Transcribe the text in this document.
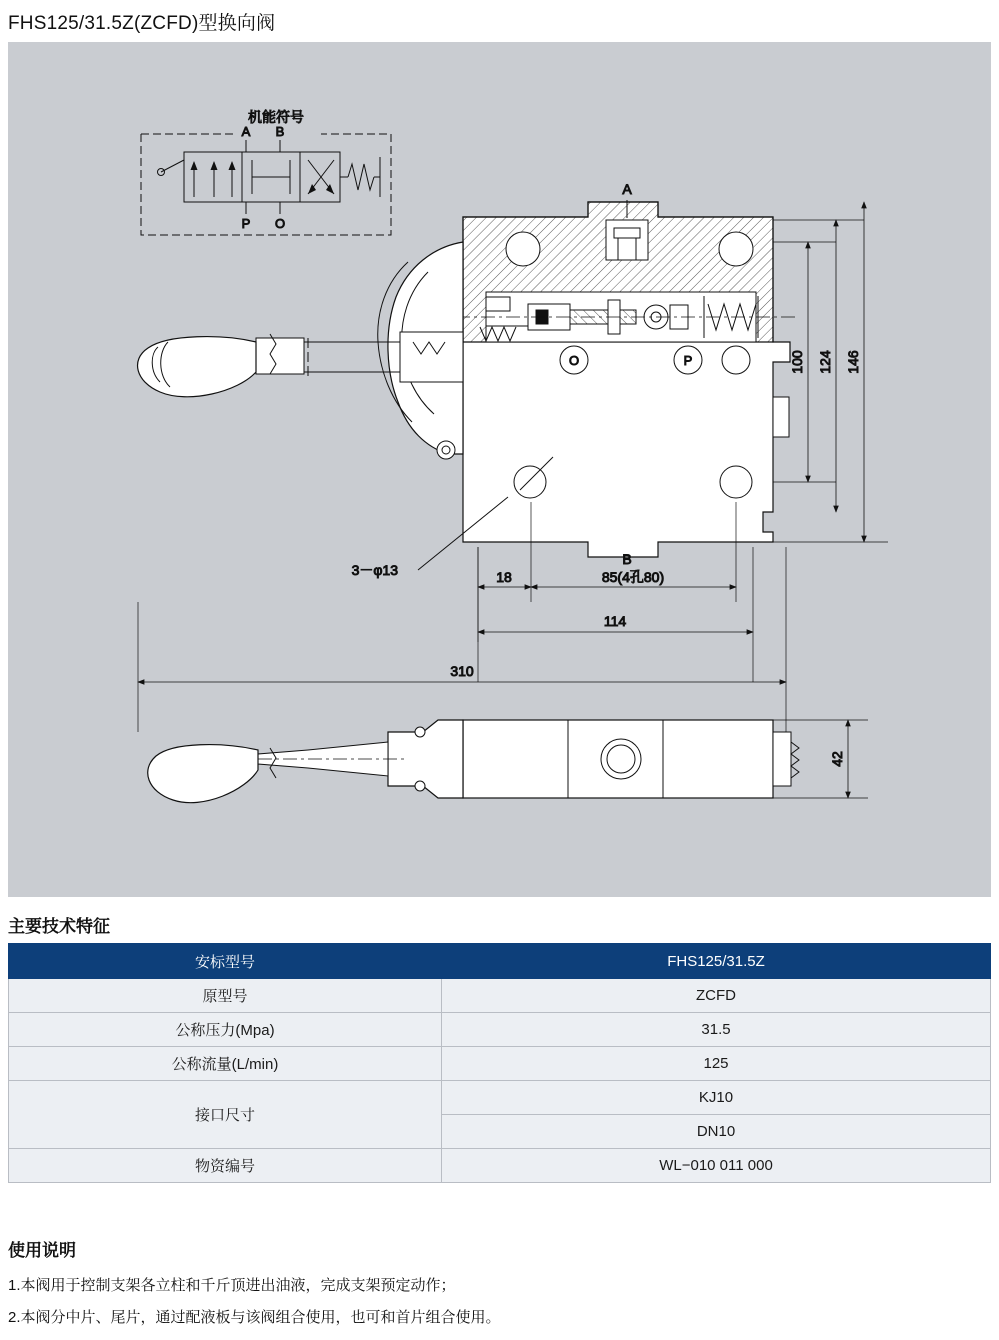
FHS125/31.5Z(ZCFD)型换向阀
机能符号
A B
P O
A
O	P
3－φ13
B
100 124 146
18	85(4孔80)
114
310
42
主要技术特征
安标型号	FHS125/31.5Z
原型号	ZCFD
公称压力(Mpa)	31.5
公称流量(L/min)	125
接口尺寸	KJ10
	DN10
物资编号	WL−010 011 000
使用说明
1.本阀用于控制支架各立柱和千斤顶进出油液，完成支架预定动作；
2.本阀分中片、尾片，通过配液板与该阀组合使用，也可和首片组合使用。
